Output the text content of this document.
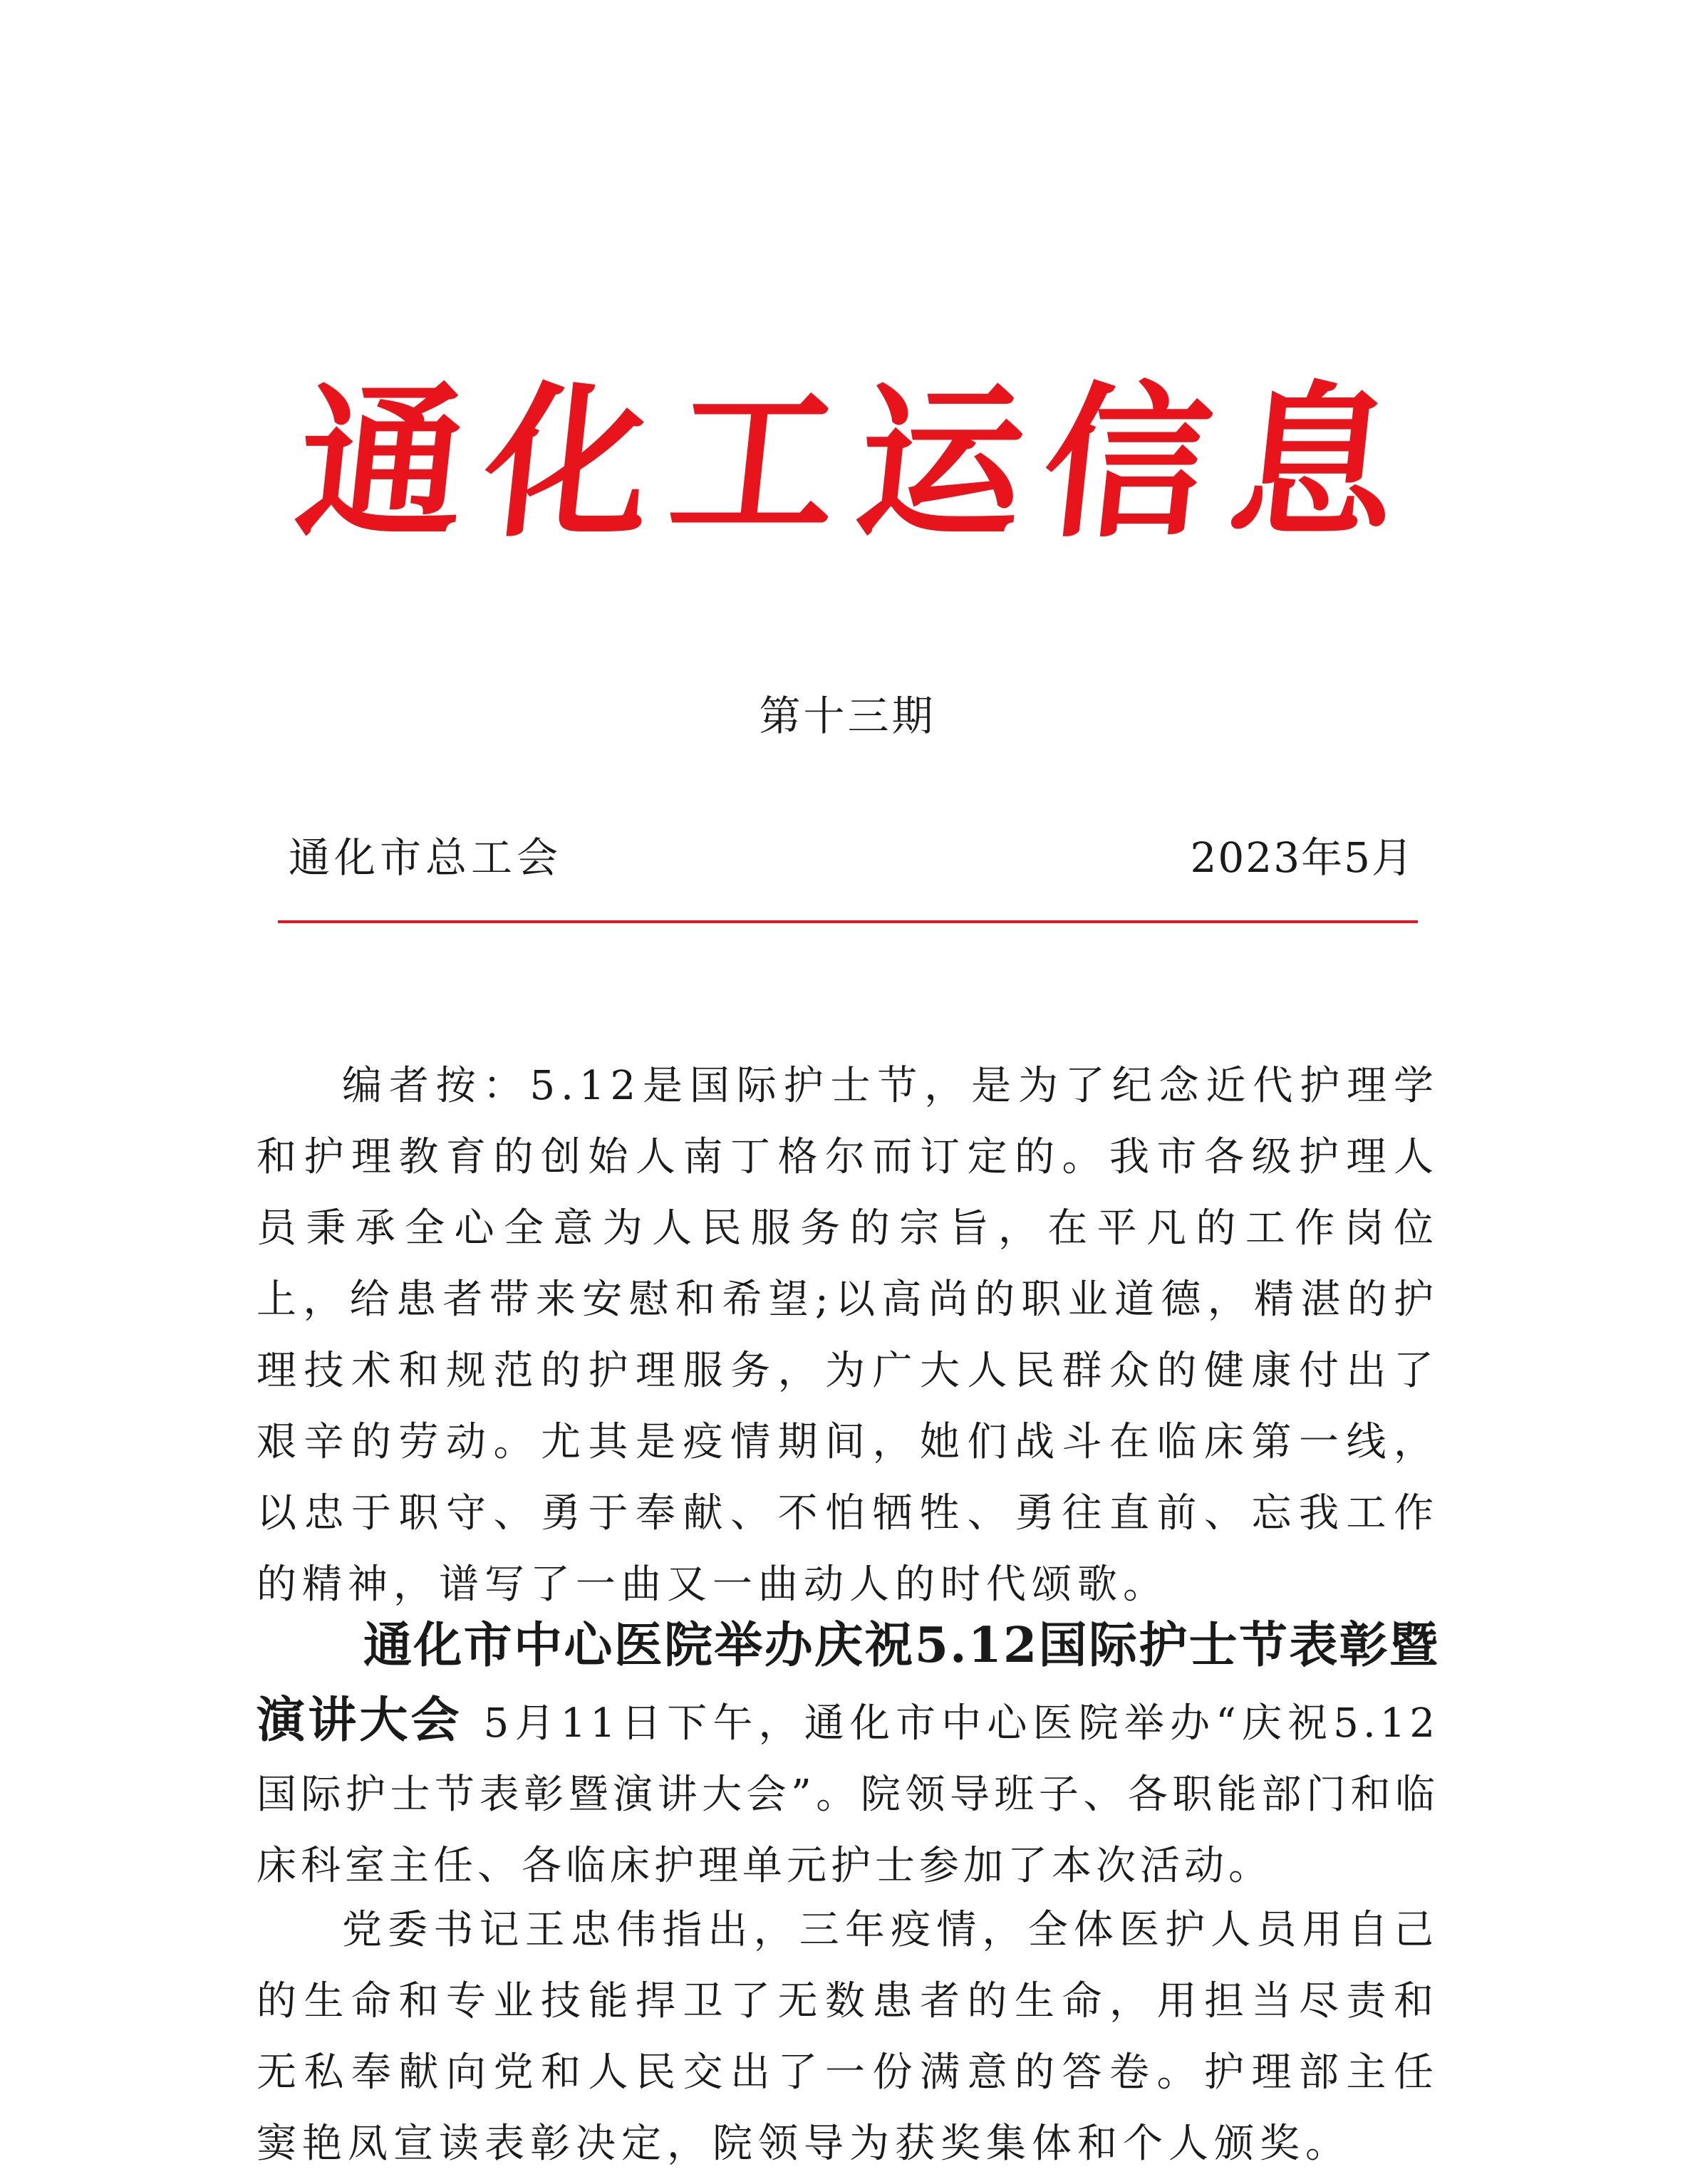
通 化 工 运 信 息

第十三期

通化市总工会	2023年5月

编者按：5.12是国际护士节，是为了纪念近代护理学和护理教育的创始人南丁格尔而订定的。我市各级护理人员秉承全心全意为人民服务的宗旨，在平凡的工作岗位上，给患者带来安慰和希望;以高尚的职业道德，精湛的护理技术和规范的护理服务，为广大人民群众的健康付出了艰辛的劳动。尤其是疫情期间，她们战斗在临床第一线，以忠于职守、勇于奉献、不怕牺牲、勇往直前、忘我工作的精神，谱写了一曲又一曲动人的时代颂歌。

通化市中心医院举办庆祝5.12国际护士节表彰暨演讲大会 5月11日下午，通化市中心医院举办“庆祝5.12国际护士节表彰暨演讲大会”。院领导班子、各职能部门和临床科室主任、各临床护理单元护士参加了本次活动。

党委书记王忠伟指出，三年疫情，全体医护人员用自己的生命和专业技能捍卫了无数患者的生命，用担当尽责和无私奉献向党和人民交出了一份满意的答卷。护理部主任窦艳凤宣读表彰决定，院领导为获奖集体和个人颁奖。
